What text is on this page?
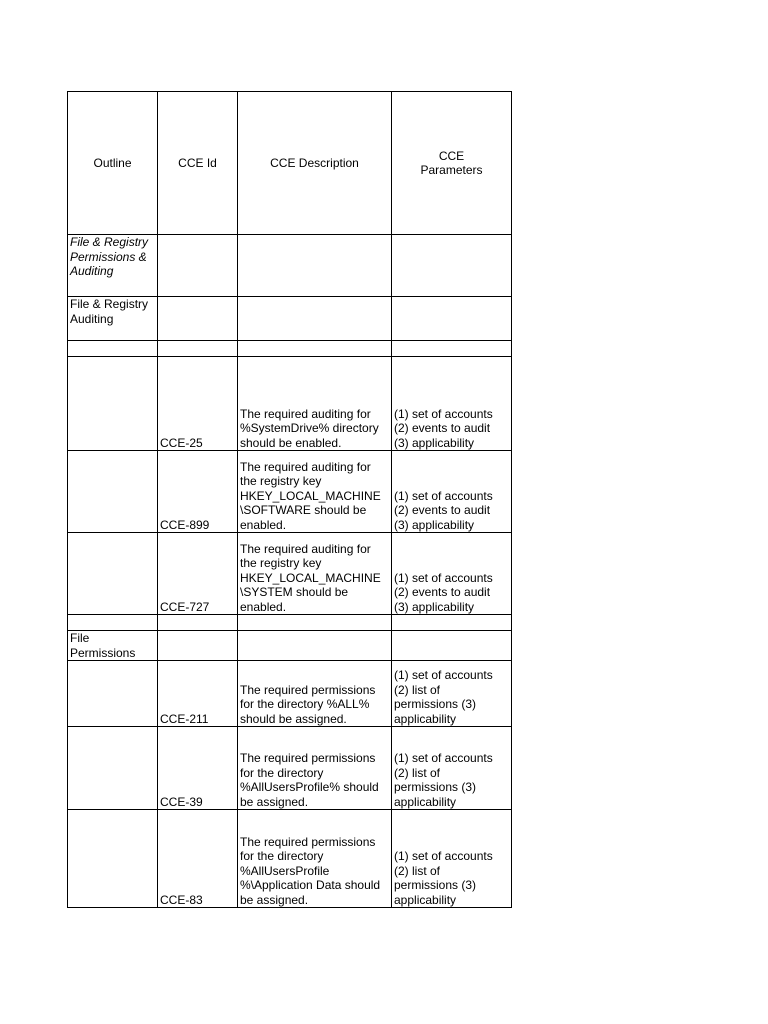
Outline	CCE Id	CCE Description	CCE
Parameters

File & Registry
Permissions &
Auditing			

File & Registry
Auditing			

	CCE-25	The required auditing for
%SystemDrive% directory
should be enabled.	(1) set of accounts
(2) events to audit
(3) applicability

	CCE-899	The required auditing for
the registry key
HKEY_LOCAL_MACHINE
\SOFTWARE should be
enabled.	(1) set of accounts
(2) events to audit
(3) applicability

	CCE-727	The required auditing for
the registry key
HKEY_LOCAL_MACHINE
\SYSTEM should be
enabled.	(1) set of accounts
(2) events to audit
(3) applicability

File
Permissions			

	CCE-211	The required permissions
for the directory %ALL%
should be assigned.	(1) set of accounts
(2) list of
permissions (3)
applicability

	CCE-39	The required permissions
for the directory
%AllUsersProfile% should
be assigned.	(1) set of accounts
(2) list of
permissions (3)
applicability

	CCE-83	The required permissions
for the directory
%AllUsersProfile
%\Application Data should
be assigned.	(1) set of accounts
(2) list of
permissions (3)
applicability
